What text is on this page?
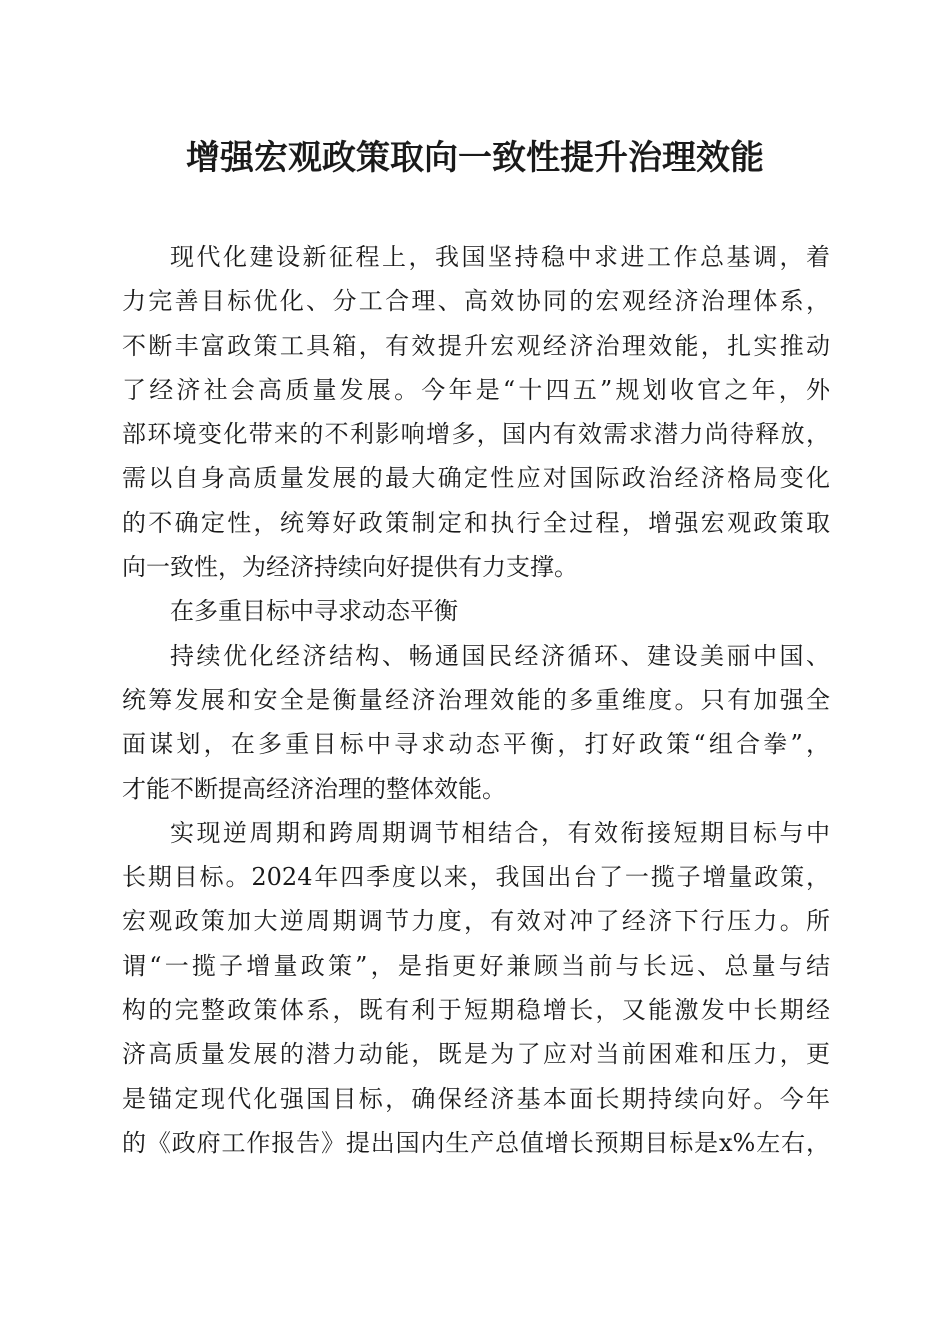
增强宏观政策取向一致性提升治理效能
现代化建设新征程上，我国坚持稳中求进工作总基调，着
力完善目标优化、分工合理、高效协同的宏观经济治理体系，
不断丰富政策工具箱，有效提升宏观经济治理效能，扎实推动
了经济社会高质量发展。今年是“十四五”规划收官之年，外
部环境变化带来的不利影响增多，国内有效需求潜力尚待释放，
需以自身高质量发展的最大确定性应对国际政治经济格局变化
的不确定性，统筹好政策制定和执行全过程，增强宏观政策取
向一致性，为经济持续向好提供有力支撑。
在多重目标中寻求动态平衡
持续优化经济结构、畅通国民经济循环、建设美丽中国、
统筹发展和安全是衡量经济治理效能的多重维度。只有加强全
面谋划，在多重目标中寻求动态平衡，打好政策“组合拳”，
才能不断提高经济治理的整体效能。
实现逆周期和跨周期调节相结合，有效衔接短期目标与中
长期目标。2024年四季度以来，我国出台了一揽子增量政策，
宏观政策加大逆周期调节力度，有效对冲了经济下行压力。所
谓“一揽子增量政策”，是指更好兼顾当前与长远、总量与结
构的完整政策体系，既有利于短期稳增长，又能激发中长期经
济高质量发展的潜力动能，既是为了应对当前困难和压力，更
是锚定现代化强国目标，确保经济基本面长期持续向好。今年
的《政府工作报告》提出国内生产总值增长预期目标是x%左右，
